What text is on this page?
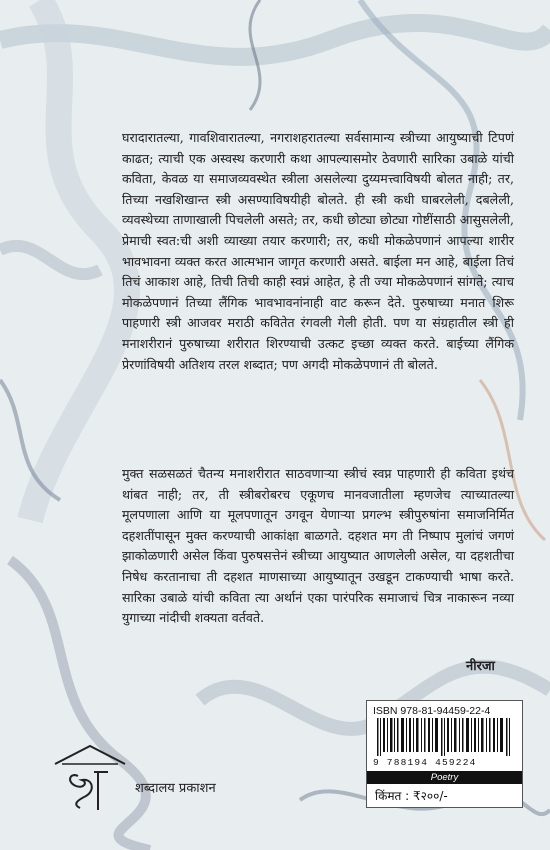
घरादारातल्या, गावशिवारातल्या, नगराशहरातल्या सर्वसामान्य स्त्रीच्या आयुष्याची टिपणं काढत; त्याची एक अस्वस्थ करणारी कथा आपल्यासमोर ठेवणारी सारिका उबाळे यांची कविता, केवळ या समाजव्यवस्थेत स्त्रीला असलेल्या दुय्यमत्त्वाविषयी बोलत नाही; तर, तिच्या नखशिखान्त स्त्री असण्याविषयीही बोलते. ही स्त्री कधी घाबरलेली, दबलेली, व्यवस्थेच्या ताणाखाली पिचलेली असते; तर, कधी छोट्या छोट्या गोष्टींसाठी आसुसलेली, प्रेमाची स्वत:ची अशी व्याख्या तयार करणारी; तर, कधी मोकळेपणानं आपल्या शारीर भावभावना व्यक्त करत आत्मभान जागृत करणारी असते. बाईला मन आहे, बाईला तिचं तिचं आकाश आहे, तिची तिची काही स्वप्नं आहेत, हे ती ज्या मोकळेपणानं सांगते; त्याच मोकळेपणानं तिच्या लैंगिक भावभावनांनाही वाट करून देते. पुरुषाच्या मनात शिरू पाहणारी स्त्री आजवर मराठी कवितेत रंगवली गेली होती. पण या संग्रहातील स्त्री ही मनाशरीरानं पुरुषाच्या शरीरात शिरण्याची उत्कट इच्छा व्यक्त करते. बाईच्या लैंगिक प्रेरणांविषयी अतिशय तरल शब्दात; पण अगदी मोकळेपणानं ती बोलते.
मुक्त सळसळतं चैतन्य मनाशरीरात साठवणाऱ्या स्त्रीचं स्वप्न पाहणारी ही कविता इथंच थांबत नाही; तर, ती स्त्रीबरोबरच एकूणच मानवजातीला म्हणजेच त्याच्यातल्या मूलपणाला आणि या मूलपणातून उगवून येणाऱ्या प्रगल्भ स्त्रीपुरुषांना समाजनिर्मित दहशतींपासून मुक्त करण्याची आकांक्षा बाळगते. दहशत मग ती निष्पाप मुलांचं जगणं झाकोळणारी असेल किंवा पुरुषसत्तेनं स्त्रीच्या आयुष्यात आणलेली असेल, या दहशतीचा निषेध करतानाचा ती दहशत माणसाच्या आयुष्यातून उखडून टाकण्याची भाषा करते. सारिका उबाळे यांची कविता त्या अर्थानं एका पारंपरिक समाजाचं चित्र नाकारून नव्या युगाच्या नांदीची शक्यता वर्तवते.
नीरजा
ISBN 978-81-94459-22-4
9 788194 459224
Poetry
किंमत : ₹२००/-
शब्दालय प्रकाशन
